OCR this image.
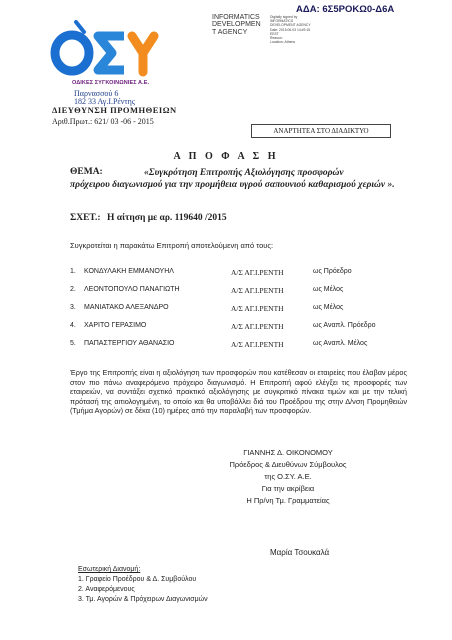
ΑΔΑ: 6Σ5ΡΟΚΩ0-Δ6Α
INFORMATICS
DEVELOPMEN
T AGENCY
Digitally signed by
INFORMATICS
DEVELOPMENT AGENCY
Date: 2015.06.03 14:49:15
EEST
Reason:
Location: Athens
ΟΔΙΚΕΣ ΣΥΓΚΟΙΝΩΝΙΕΣ Α.Ε.
Παρνασσού 6
182 33 Αγ.Ι.Ρέντης
ΔΙΕΥΘΥΝΣΗ ΠΡΟΜΗΘΕΙΩΝ
Αριθ.Πρωτ.: 621/ 03 -06 - 2015
ΑΝΑΡΤΗΤΕΑ ΣΤΟ ΔΙΑΔΙΚΤΥΟ
Α Π Ο Φ Α Σ Η
ΘΕΜΑ:	«Συγκρότηση Επιτροπής Αξιολόγησης προσφορών
πρόχειρου διαγωνισμού για την προμήθεια υγρού σαπουνιού καθαρισμού χεριών ».
ΣΧΕΤ.: Η αίτηση με αρ. 119640 /2015
Συγκροτείται η παρακάτω Επιτροπή αποτελούμενη από τους:
1. ΚΟΝΔΥΛΑΚΗ ΕΜΜΑΝΟΥΗΛ	Α/Σ ΑΓ.Ι.ΡΕΝΤΗ	ως Πρόεδρο
2. ΛΕΟΝΤΟΠΟΥΛΟ ΠΑΝΑΓΙΩΤΗ	Α/Σ ΑΓ.Ι.ΡΕΝΤΗ	ως Μέλος
3. ΜΑΝΙΑΤΑΚΟ ΑΛΕΞΑΝΔΡΟ	Α/Σ ΑΓ.Ι.ΡΕΝΤΗ	ως Μέλος
4. ΧΑΡΙΤΟ ΓΕΡΑΣΙΜΟ	Α/Σ ΑΓ.Ι.ΡΕΝΤΗ	ως Αναπλ. Πρόεδρο
5. ΠΑΠΑΣΤΕΡΓΙΟΥ ΑΘΑΝΑΣΙΟ	Α/Σ ΑΓ.Ι.ΡΕΝΤΗ	ως Αναπλ. Μέλος
Έργο της Επιτροπής είναι η αξιολόγηση των προσφορών που κατέθεσαν οι εταιρείες που έλαβαν μέρος στον πιο πάνω αναφερόμενο πρόχειρο διαγωνισμό. Η Επιτροπή αφού ελέγξει τις προσφορές των εταιρειών, να συντάξει σχετικό πρακτικό αξιολόγησης με συγκριτικό πίνακα τιμών και με την τελική πρότασή της αιτιολογημένη, το οποίο και θα υποβάλλει διά του Προέδρου της στην Δ/νση Προμηθειών (Τμήμα Αγορών) σε δέκα (10) ημέρες από την παραλαβή των προσφορών.
ΓΙΑΝΝΗΣ Δ. ΟΙΚΟΝΟΜΟΥ
Πρόεδρος & Διευθύνων Σύμβουλος
της Ο.ΣΥ. Α.Ε.
Για την ακρίβεια
Η Πρ/νη Τμ. Γραμματείας
Μαρία Τσουκαλά
Εσωτερική Διανομή:
1. Γραφείο Προέδρου & Δ. Συμβούλου
2. Αναφερόμενους
3. Τμ. Αγορών & Πρόχειρων Διαγωνισμών
